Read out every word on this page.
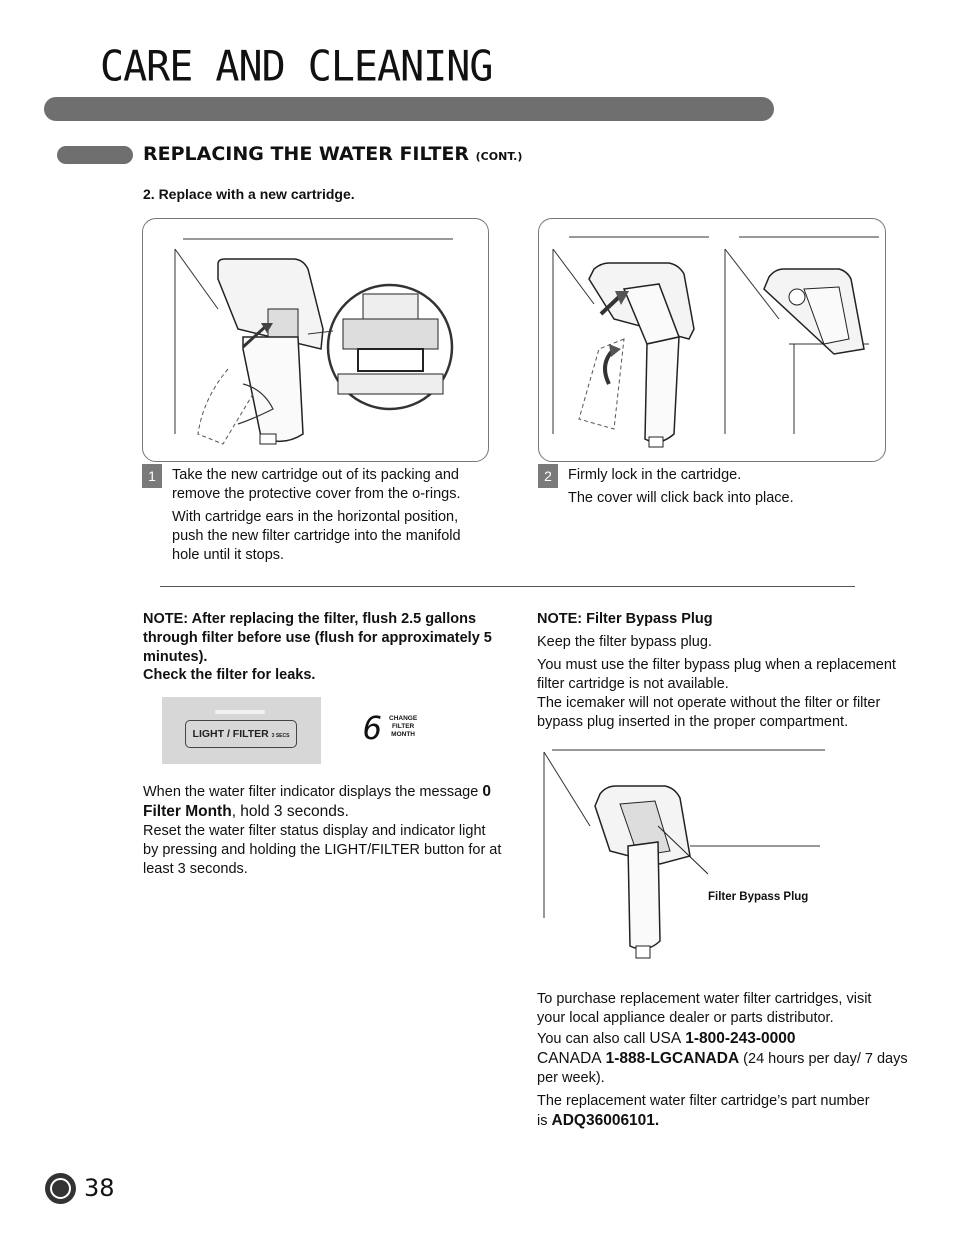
CARE AND CLEANING
REPLACING THE WATER FILTER (CONT.)
2. Replace with a new cartridge.
1	Take the new cartridge out of its packing and remove the protective cover from the o-rings.
With cartridge ears in the horizontal position, push the new filter cartridge into the manifold hole until it stops.
2	Firmly lock in the cartridge.
The cover will click back into place.
NOTE: After replacing the filter, flush 2.5 gallons through filter before use (flush for approximately 5 minutes).
Check the filter for leaks.
LIGHT / FILTER 3 SECS 6 CHANGE
FILTER
MONTH
When the water filter indicator displays the message 0 Filter Month, hold 3 seconds.
Reset the water filter status display and indicator light by pressing and holding the LIGHT/FILTER button for at least 3 seconds.
NOTE: Filter Bypass Plug
Keep the filter bypass plug.
You must use the filter bypass plug when a replacement filter cartridge is not available.
The icemaker will not operate without the filter or filter bypass plug inserted in the proper compartment.
Filter Bypass Plug
To purchase replacement water filter cartridges, visit your local appliance dealer or parts distributor.
You can also call USA 1-800-243-0000
CANADA 1-888-LGCANADA (24 hours per day/ 7 days per week).
The replacement water filter cartridge’s part number is ADQ36006101.
38
